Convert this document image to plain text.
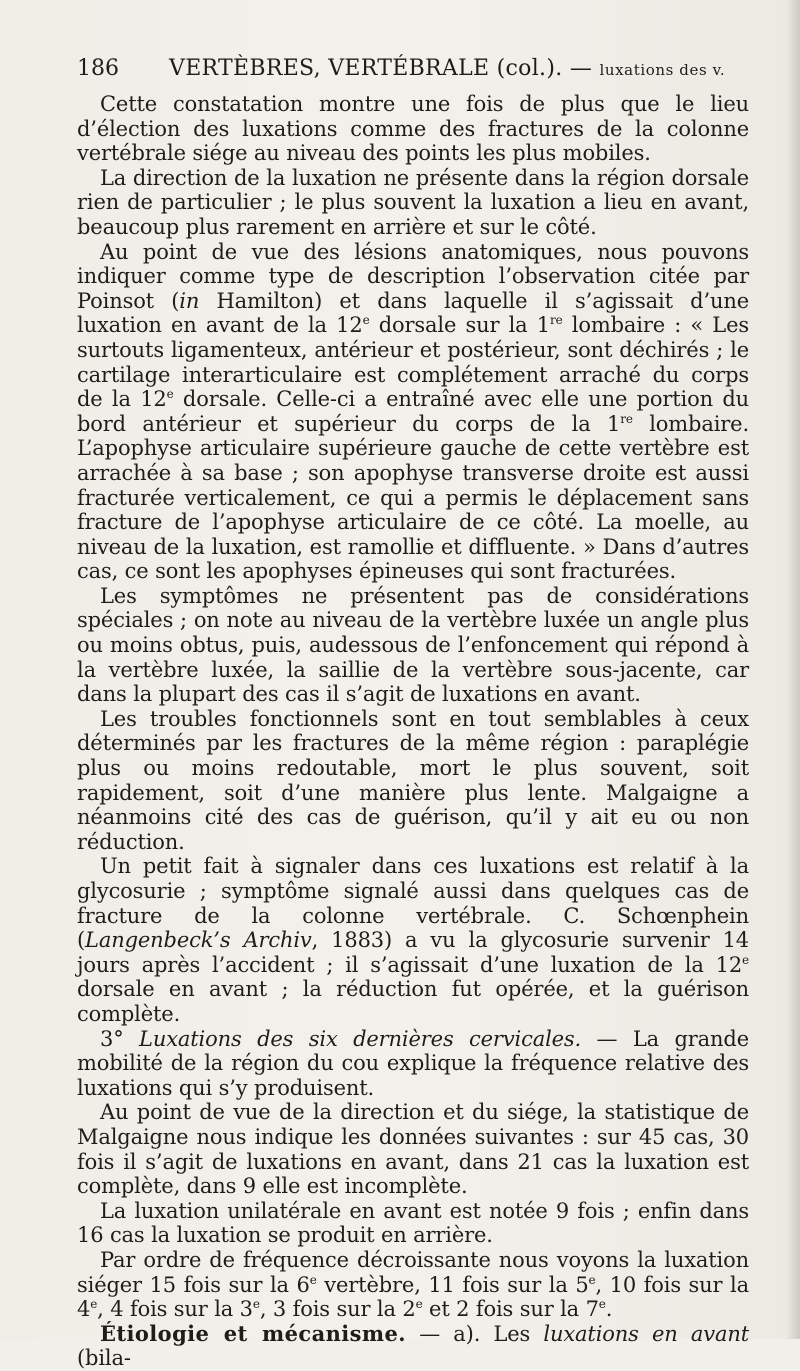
186 VERTÈBRES, VERTÉBRALE (col.). — luxations des v.

Cette constatation montre une fois de plus que le lieu d’élection des luxations comme des fractures de la colonne vertébrale siége au niveau des points les plus mobiles.

La direction de la luxation ne présente dans la région dorsale rien de particulier ; le plus souvent la luxation a lieu en avant, beaucoup plus rarement en arrière et sur le côté.

Au point de vue des lésions anatomiques, nous pouvons indiquer comme type de description l’observation citée par Poinsot (in Hamilton) et dans laquelle il s’agissait d’une luxation en avant de la 12e dorsale sur la 1re lombaire : « Les surtouts ligamenteux, antérieur et postérieur, sont déchirés ; le cartilage interarticulaire est complétement arraché du corps de la 12e dorsale. Celle-ci a entraîné avec elle une portion du bord antérieur et supérieur du corps de la 1re lombaire. L’apophyse articulaire supérieure gauche de cette vertèbre est arrachée à sa base ; son apophyse transverse droite est aussi fracturée verticalement, ce qui a permis le déplacement sans fracture de l’apophyse articulaire de ce côté. La moelle, au niveau de la luxation, est ramollie et diffluente. » Dans d’autres cas, ce sont les apophyses épineuses qui sont fracturées.

Les symptômes ne présentent pas de considérations spéciales ; on note au niveau de la vertèbre luxée un angle plus ou moins obtus, puis, audessous de l’enfoncement qui répond à la vertèbre luxée, la saillie de la vertèbre sous-jacente, car dans la plupart des cas il s’agit de luxations en avant.

Les troubles fonctionnels sont en tout semblables à ceux déterminés par les fractures de la même région : paraplégie plus ou moins redoutable, mort le plus souvent, soit rapidement, soit d’une manière plus lente. Malgaigne a néanmoins cité des cas de guérison, qu’il y ait eu ou non réduction.

Un petit fait à signaler dans ces luxations est relatif à la glycosurie ; symptôme signalé aussi dans quelques cas de fracture de la colonne vertébrale. C. Schœnphein (Langenbeck’s Archiv, 1883) a vu la glycosurie survenir 14 jours après l’accident ; il s’agissait d’une luxation de la 12e dorsale en avant ; la réduction fut opérée, et la guérison complète.

3° Luxations des six dernières cervicales. — La grande mobilité de la région du cou explique la fréquence relative des luxations qui s’y produisent.

Au point de vue de la direction et du siége, la statistique de Malgaigne nous indique les données suivantes : sur 45 cas, 30 fois il s’agit de luxations en avant, dans 21 cas la luxation est complète, dans 9 elle est incomplète.

La luxation unilatérale en avant est notée 9 fois ; enfin dans 16 cas la luxation se produit en arrière.

Par ordre de fréquence décroissante nous voyons la luxation siéger 15 fois sur la 6e vertèbre, 11 fois sur la 5e, 10 fois sur la 4e, 4 fois sur la 3e, 3 fois sur la 2e et 2 fois sur la 7e.

Étiologie et mécanisme. — a). Les luxations en avant (bila-
